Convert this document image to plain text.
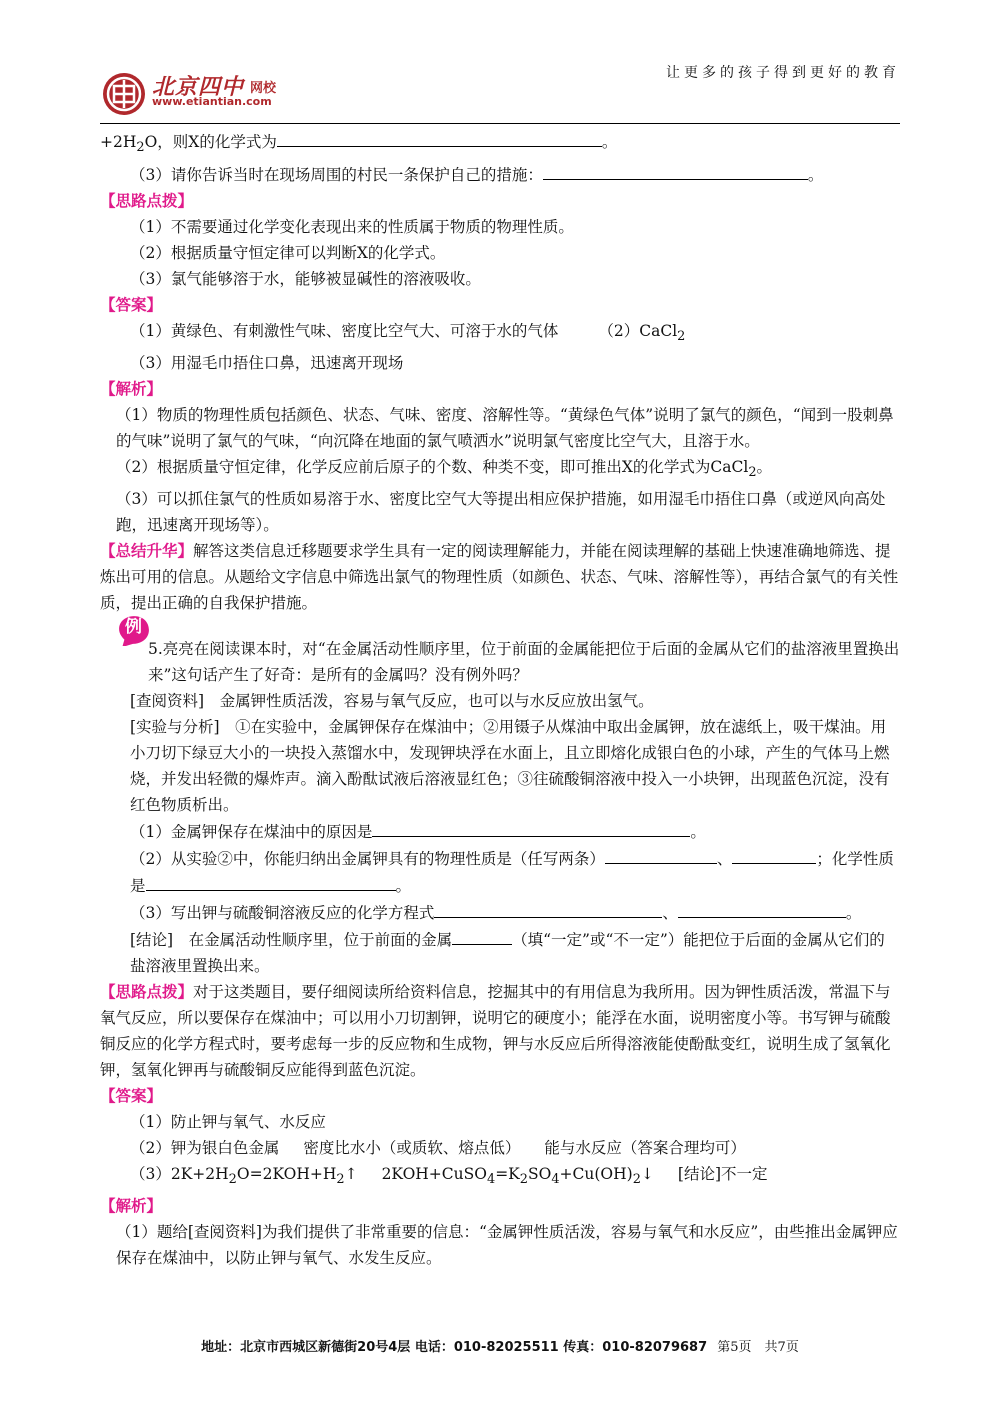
北京四中 网校
www.etiantian.com
让更多的孩子得到更好的教育

$+2H_2O$，则X的化学式为	。

（3）请你告诉当时在现场周围的村民一条保护自己的措施：	。

【思路点拨】

（1）不需要通过化学变化表现出来的性质属于物质的物理性质。

（2）根据质量守恒定律可以判断X的化学式。

（3）氯气能够溶于水，能够被显碱性的溶液吸收。

【答案】

（1）黄绿色、有刺激性气味、密度比空气大、可溶于水的气体	（2）CaCl$_2$

（3）用湿毛巾捂住口鼻，迅速离开现场

【解析】

（1）物质的物理性质包括颜色、状态、气味、密度、溶解性等。“黄绿色气体”说明了氯气的颜色，“闻到一股刺鼻的气味”说明了氯气的气味，“向沉降在地面的氯气喷洒水”说明氯气密度比空气大，且溶于水。

（2）根据质量守恒定律，化学反应前后原子的个数、种类不变，即可推出X的化学式为CaCl$_2$。

（3）可以抓住氯气的性质如易溶于水、密度比空气大等提出相应保护措施，如用湿毛巾捂住口鼻（或逆风向高处跑，迅速离开现场等）。

【总结升华】解答这类信息迁移题要求学生具有一定的阅读理解能力，并能在阅读理解的基础上快速准确地筛选、提炼出可用的信息。从题给文字信息中筛选出氯气的物理性质（如颜色、状态、气味、溶解性等），再结合氯气的有关性质，提出正确的自我保护措施。

例

5.亮亮在阅读课本时，对“在金属活动性顺序里，位于前面的金属能把位于后面的金属从它们的盐溶液里置换出来”这句话产生了好奇：是所有的金属吗？没有例外吗？

[查阅资料]　金属钾性质活泼，容易与氧气反应，也可以与水反应放出氢气。

[实验与分析]　①在实验中，金属钾保存在煤油中；②用镊子从煤油中取出金属钾，放在滤纸上，吸干煤油。用小刀切下绿豆大小的一块投入蒸馏水中，发现钾块浮在水面上，且立即熔化成银白色的小球，产生的气体马上燃烧，并发出轻微的爆炸声。滴入酚酞试液后溶液显红色；③往硫酸铜溶液中投入一小块钾，出现蓝色沉淀，没有红色物质析出。

（1）金属钾保存在煤油中的原因是	。

（2）从实验②中，你能归纳出金属钾具有的物理性质是（任写两条）	、	；化学性质是	。

（3）写出钾与硫酸铜溶液反应的化学方程式	、	。

[结论]　在金属活动性顺序里，位于前面的金属	（填“一定”或“不一定”）能把位于后面的金属从它们的盐溶液里置换出来。

【思路点拨】对于这类题目，要仔细阅读所给资料信息，挖掘其中的有用信息为我所用。因为钾性质活泼，常温下与氧气反应，所以要保存在煤油中；可以用小刀切割钾，说明它的硬度小；能浮在水面，说明密度小等。书写钾与硫酸铜反应的化学方程式时，要考虑每一步的反应物和生成物，钾与水反应后所得溶液能使酚酞变红，说明生成了氢氧化钾，氢氧化钾再与硫酸铜反应能得到蓝色沉淀。

【答案】

（1）防止钾与氧气、水反应

（2）钾为银白色金属 密度比水小（或质软、熔点低） 能与水反应（答案合理均可）

$(3)2K+2H_2O=2KOH+H_2↑$ $2KOH+CuSO_4=K_2SO_4+Cu(OH)_2↓$ [结论]不一定

【解析】

（1）题给[查阅资料]为我们提供了非常重要的信息：“金属钾性质活泼，容易与氧气和水反应”，由些推出金属钾应保存在煤油中，以防止钾与氧气、水发生反应。

地址：北京市西城区新德街20号4层 电话：010-82025511 传真：010-82079687 第5页　共7页
